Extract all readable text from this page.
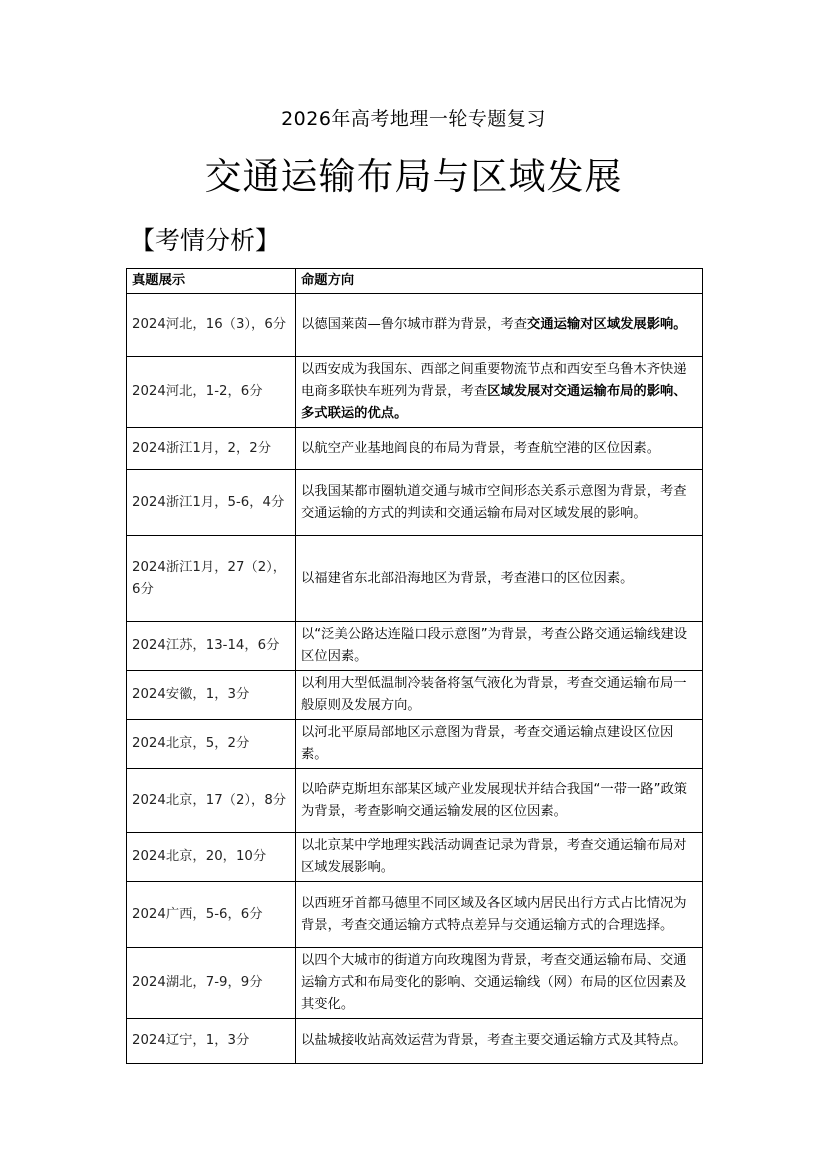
2026年高考地理一轮专题复习
交通运输布局与区域发展
【考情分析】
真题展示	命题方向
2024河北，16（3），6分	以德国莱茵—鲁尔城市群为背景，考查交通运输对区域发展影响。
2024河北，1-2，6分	以西安成为我国东、西部之间重要物流节点和西安至乌鲁木齐快递电商多联快车班列为背景，考查区域发展对交通运输布局的影响、多式联运的优点。
2024浙江1月，2，2分	以航空产业基地阎良的布局为背景，考查航空港的区位因素。
2024浙江1月，5-6，4分	以我国某都市圈轨道交通与城市空间形态关系示意图为背景，考查交通运输的方式的判读和交通运输布局对区域发展的影响。
2024浙江1月，27（2），6分	以福建省东北部沿海地区为背景，考查港口的区位因素。
2024江苏，13-14，6分	以“泛美公路达连隘口段示意图”为背景，考查公路交通运输线建设区位因素。
2024安徽，1，3分	以利用大型低温制冷装备将氢气液化为背景，考查交通运输布局一般原则及发展方向。
2024北京，5，2分	以河北平原局部地区示意图为背景，考查交通运输点建设区位因素。
2024北京，17（2），8分	以哈萨克斯坦东部某区域产业发展现状并结合我国“一带一路”政策为背景，考查影响交通运输发展的区位因素。
2024北京，20，10分	以北京某中学地理实践活动调查记录为背景，考查交通运输布局对区域发展影响。
2024广西，5-6，6分	以西班牙首都马德里不同区域及各区域内居民出行方式占比情况为背景，考查交通运输方式特点差异与交通运输方式的合理选择。
2024湖北，7-9，9分	以四个大城市的街道方向玫瑰图为背景，考查交通运输布局、交通运输方式和布局变化的影响、交通运输线（网）布局的区位因素及其变化。
2024辽宁，1，3分	以盐城接收站高效运营为背景，考查主要交通运输方式及其特点。
